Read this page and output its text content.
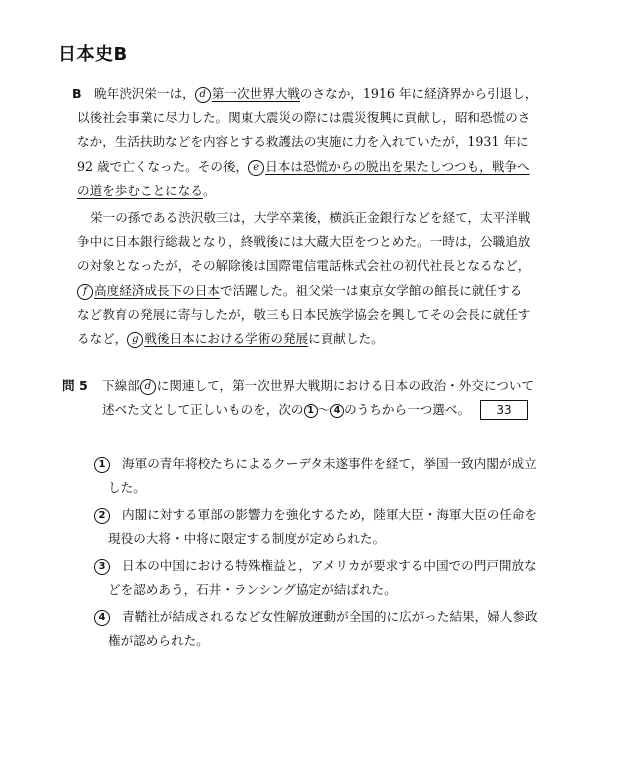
日本史B
B 晩年渋沢栄一は， d 第一次世界大戦のさなか，1916 年に経済界から引退し，
以後社会事業に尽力した。関東大震災の際には震災復興に貢献し，昭和恐慌のさ
なか，生活扶助などを内容とする救護法の実施に力を入れていたが，1931 年に
92 歳で亡くなった。その後， e 日本は恐慌からの脱出を果たしつつも，戦争へ
の道を歩むことになる。
栄一の孫である渋沢敬三は，大学卒業後，横浜正金銀行などを経て，太平洋戦
争中に日本銀行総裁となり，終戦後には大蔵大臣をつとめた。一時は，公職追放
の対象となったが，その解除後は国際電信電話株式会社の初代社長となるなど，
f 高度経済成長下の日本で活躍した。祖父栄一は東京女学館の館長に就任する
など教育の発展に寄与したが，敬三も日本民族学協会を興してその会長に就任す
るなど， g 戦後日本における学術の発展に貢献した。
問 5 下線部 d に関連して，第一次世界大戦期における日本の政治・外交について
述べた文として正しいものを，次の 1 ～ 4 のうちから一つ選べ。 33
1	海軍の青年将校たちによるクーデタ未遂事件を経て，挙国一致内閣が成立
した。
2	内閣に対する軍部の影響力を強化するため，陸軍大臣・海軍大臣の任命を
現役の大将・中将に限定する制度が定められた。
3	日本の中国における特殊権益と，アメリカが要求する中国での門戸開放な
どを認めあう，石井・ランシング協定が結ばれた。
4	青鞜社が結成されるなど女性解放運動が全国的に広がった結果，婦人参政
権が認められた。
